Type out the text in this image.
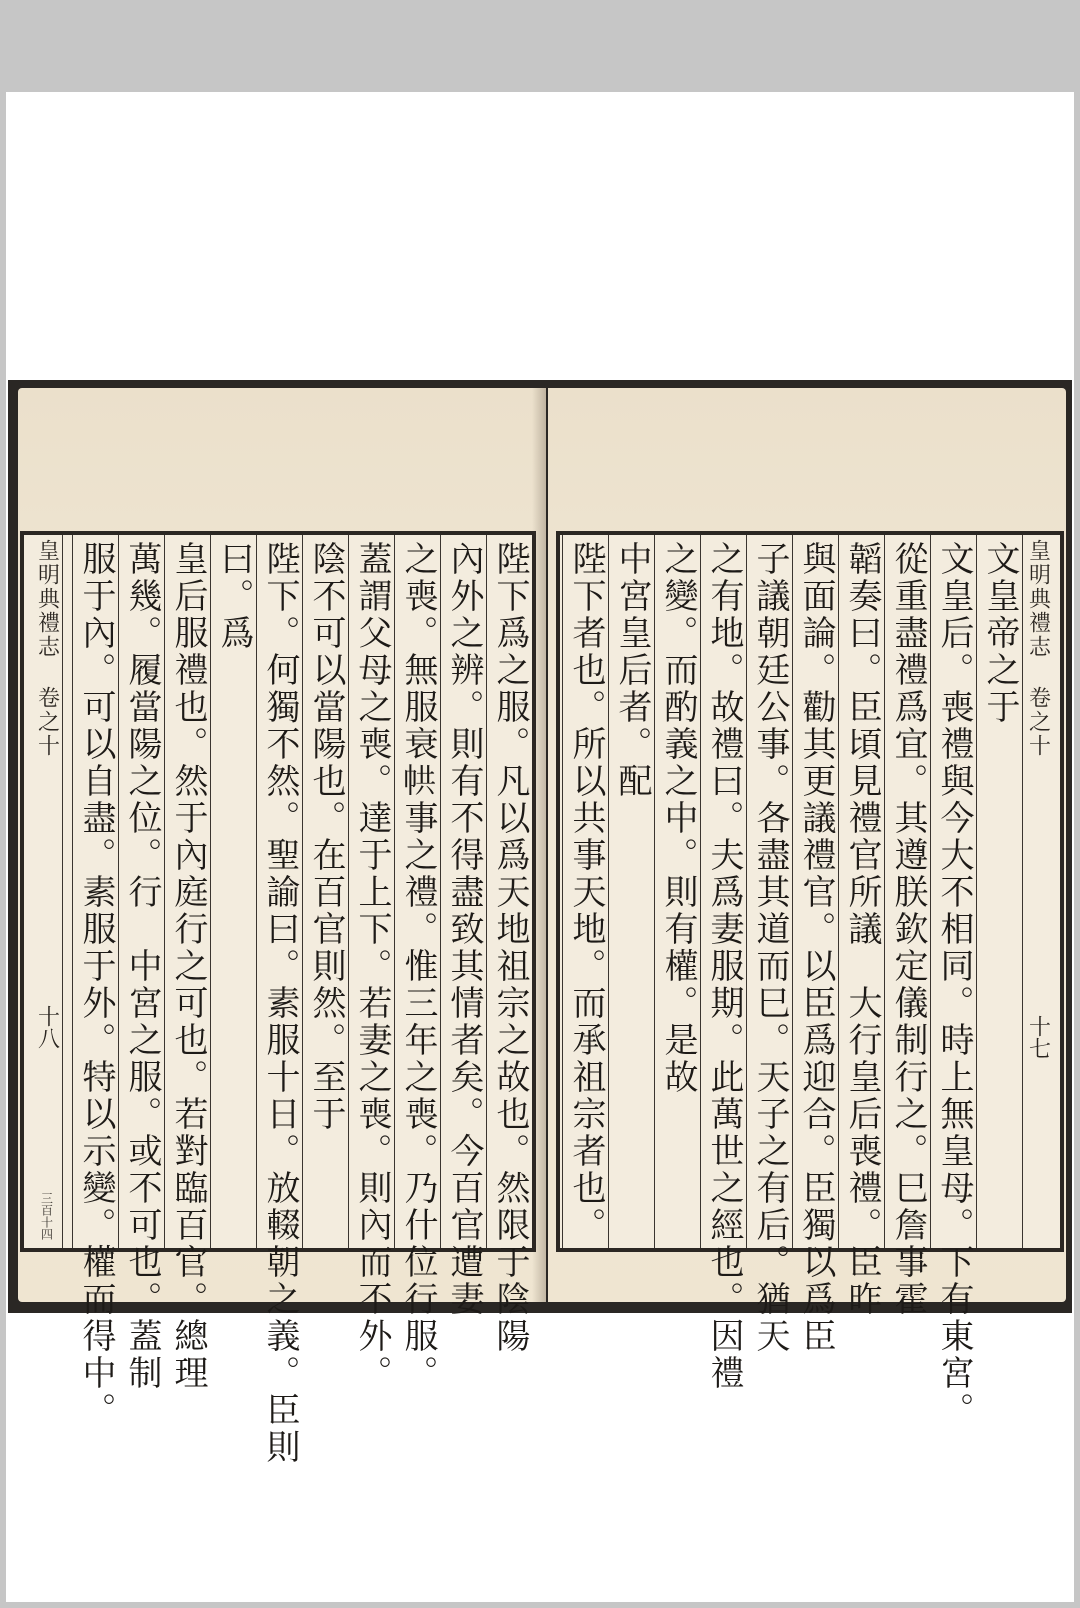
陛下爲之服。凡以爲天地祖宗之故也。然限于陰陽
內外之辨。則有不得盡致其情者矣。今百官遭妻
之喪。無服衰𢂔事之禮。惟三年之喪。乃什位行服。
蓋謂父母之喪。達于上下。若妻之喪。則內而不外。
陰不可以當陽也。在百官則然。至于
陛下。何獨不然。聖諭曰。素服十日。放輟朝之義。臣則
曰。爲
皇后服禮也。然于內庭行之可也。若對臨百官。總理
萬幾。履當陽之位。行　中宮之服。或不可也。蓋制
服于內。可以自盡。素服于外。特以示變。權而得中。
皇明典禮志 卷之十
十八
三百十四
皇明典禮志 卷之十
十七
文皇帝之于
文皇后。喪禮與今大不相同。時上無皇母。下有東宮。
從重盡禮爲宜。其遵朕欽定儀制行之。巳詹事霍
韜奏曰。臣頃見禮官所議　大行皇后喪禮。臣昨
與面論。勸其更議禮官。以臣爲迎合。臣獨以爲臣
子議朝廷公事。各盡其道而巳。天子之有后。猶天
之有地。故禮曰。夫爲妻服期。此萬世之經也。因禮
之變。而酌義之中。則有權。是故
中宮皇后者。配
陛下者也。所以共事天地。而承祖宗者也。
